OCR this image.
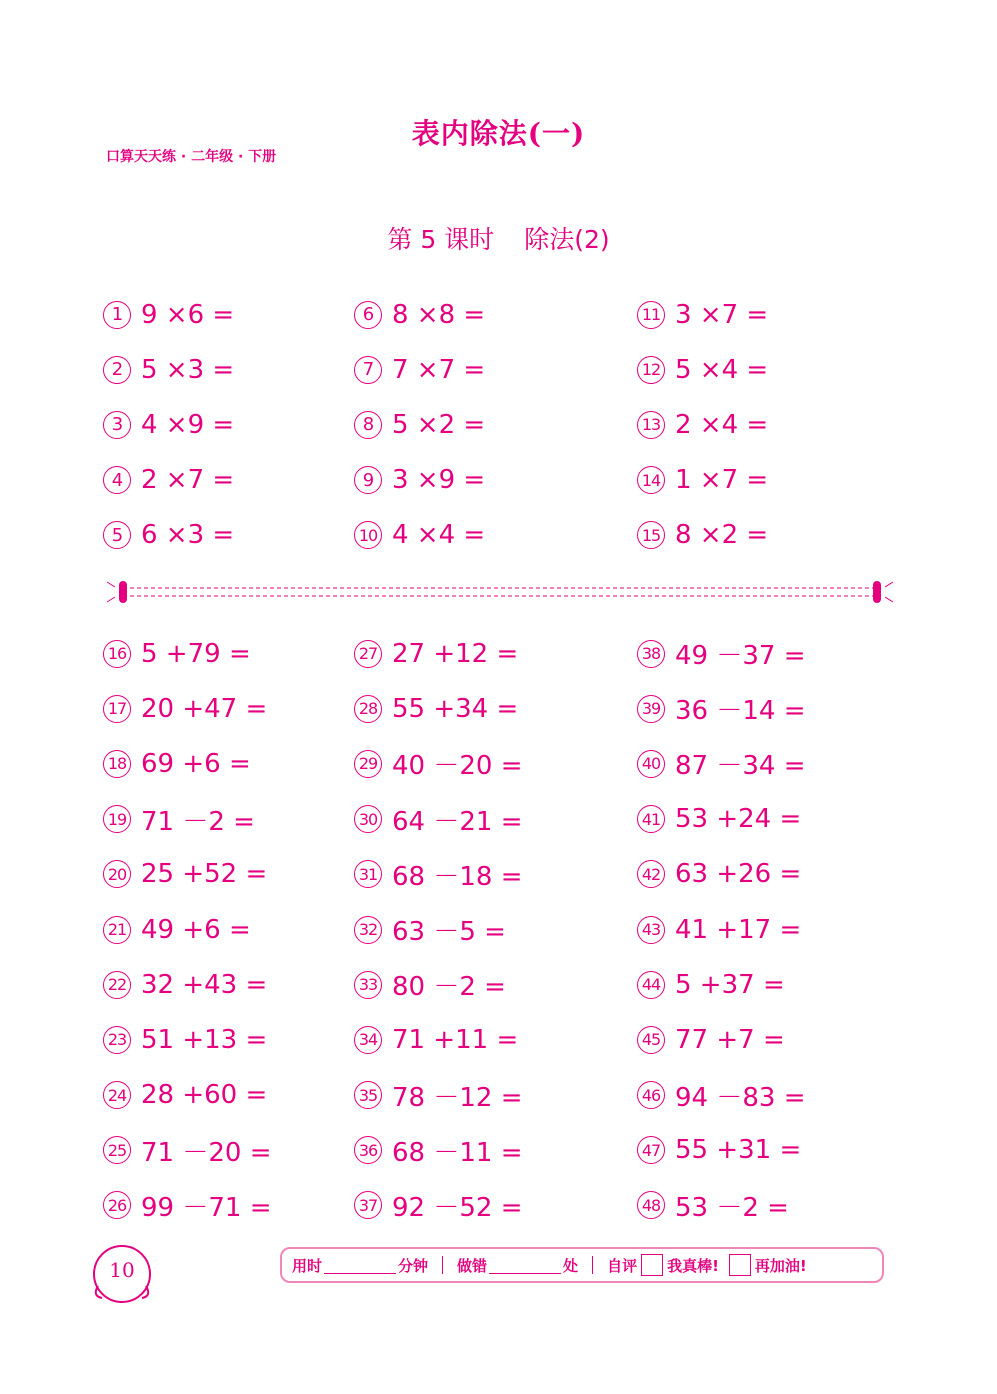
表内除法(一)
口算天天练 · 二年级 · 下册
第 5 课时 除法(2)
1 9 ×6 =
2 5 ×3 =
3 4 ×9 =
4 2 ×7 =
5 6 ×3 =
6 8 ×8 =
7 7 ×7 =
8 5 ×2 =
9 3 ×9 =
10 4 ×4 =
11 3 ×7 =
12 5 ×4 =
13 2 ×4 =
14 1 ×7 =
15 8 ×2 =
16 5 +79 =
17 20 +47 =
18 69 +6 =
19 71 －2 =
20 25 +52 =
21 49 +6 =
22 32 +43 =
23 51 +13 =
24 28 +60 =
25 71 －20 =
26 99 －71 =
27 27 +12 =
28 55 +34 =
29 40 －20 =
30 64 －21 =
31 68 －18 =
32 63 －5 =
33 80 －2 =
34 71 +11 =
35 78 －12 =
36 68 －11 =
37 92 －52 =
38 49 －37 =
39 36 －14 =
40 87 －34 =
41 53 +24 =
42 63 +26 =
43 41 +17 =
44 5 +37 =
45 77 +7 =
46 94 －83 =
47 55 +31 =
48 53 －2 =
10	用时	分钟 做错	处 自评 我真棒! 再加油!
